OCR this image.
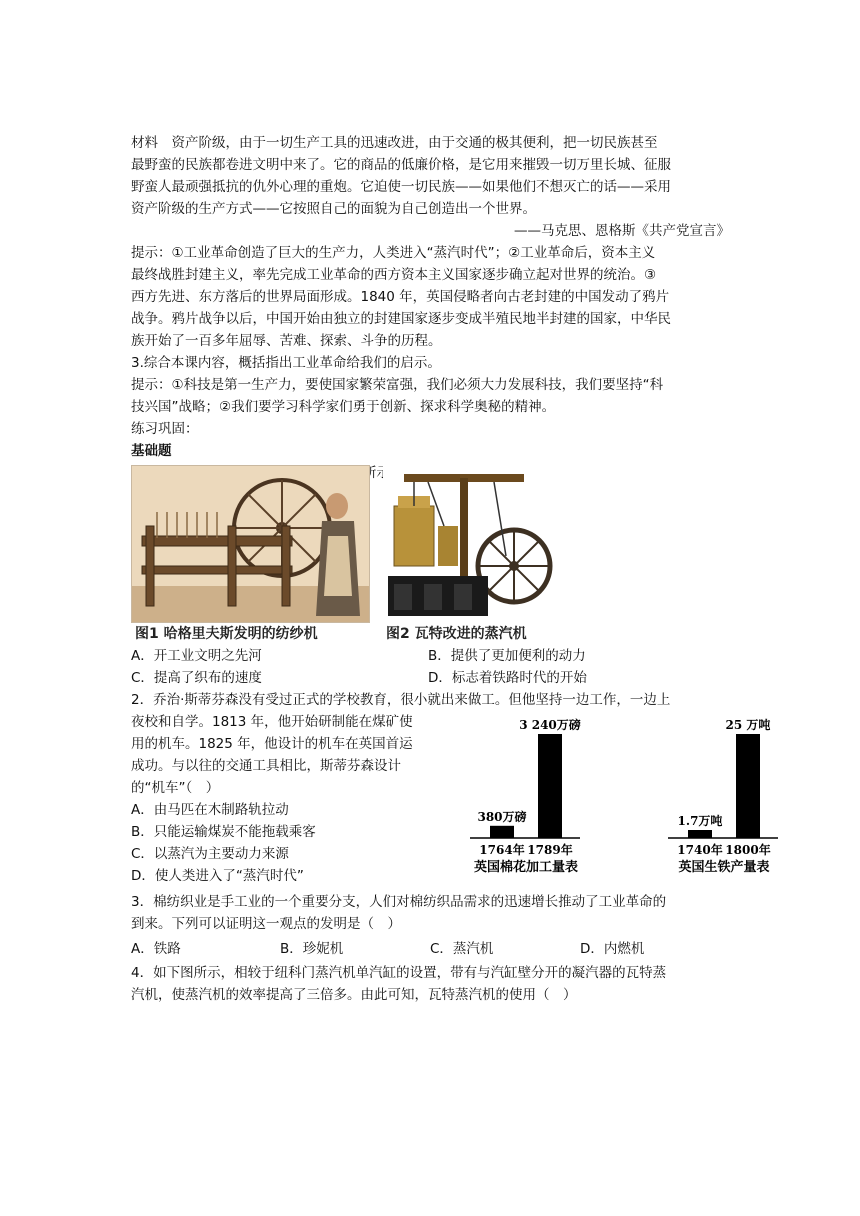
材料　资产阶级，由于一切生产工具的迅速改进，由于交通的极其便利，把一切民族甚至
最野蛮的民族都卷进文明中来了。它的商品的低廉价格，是它用来摧毁一切万里长城、征服
野蛮人最顽强抵抗的仇外心理的重炮。它迫使一切民族——如果他们不想灭亡的话——采用
资产阶级的生产方式——它按照自己的面貌为自己创造出一个世界。
——马克思、恩格斯《共产党宣言》
提示：①工业革命创造了巨大的生产力，人类进入“蒸汽时代”；②工业革命后，资本主义
最终战胜封建主义，率先完成工业革命的西方资本主义国家逐步确立起对世界的统治。③
西方先进、东方落后的世界局面形成。1840 年，英国侵略者向古老封建的中国发动了鸦片
战争。鸦片战争以后，中国开始由独立的封建国家逐步变成半殖民地半封建的国家，中华民
族开始了一百多年屈辱、苦难、探索、斗争的历程。
3.综合本课内容，概括指出工业革命给我们的启示。
提示：①科技是第一生产力，要使国家繁荣富强，我们必须大力发展科技，我们要坚持“科
技兴国”战略；②我们要学习科学家们勇于创新、探求科学奥秘的精神。
练习巩固：
基础题
图1 哈格里夫斯发明的纺纱机	图2 瓦特改进的蒸汽机
A．开工业文明之先河	B．提供了更加便利的动力
C．提高了织布的速度	D．标志着铁路时代的开始
2．乔治·斯蒂芬森没有受过正式的学校教育，很小就出来做工。但他坚持一边工作，一边上
夜校和自学。1813 年，他开始研制能在煤矿使
用的机车。1825 年，他设计的机车在英国首运
成功。与以往的交通工具相比，斯蒂芬森设计
的“机车”（　）
A．由马匹在木制路轨拉动
B．只能运输煤炭不能拖载乘客
C．以蒸汽为主要动力来源
D．使人类进入了“蒸汽时代”
380万磅
1764年
3 240万磅
1789年
英国棉花加工量表
1.7万吨
1740年
25 万吨
1800年
英国生铁产量表
3．棉纺织业是手工业的一个重要分支，人们对棉纺织品需求的迅速增长推动了工业革命的
到来。下列可以证明这一观点的发明是（　）
A．铁路	B．珍妮机	C．蒸汽机	D．内燃机
4．如下图所示，相较于纽科门蒸汽机单汽缸的设置，带有与汽缸壁分开的凝汽器的瓦特蒸
汽机，使蒸汽机的效率提高了三倍多。由此可知，瓦特蒸汽机的使用（　）
